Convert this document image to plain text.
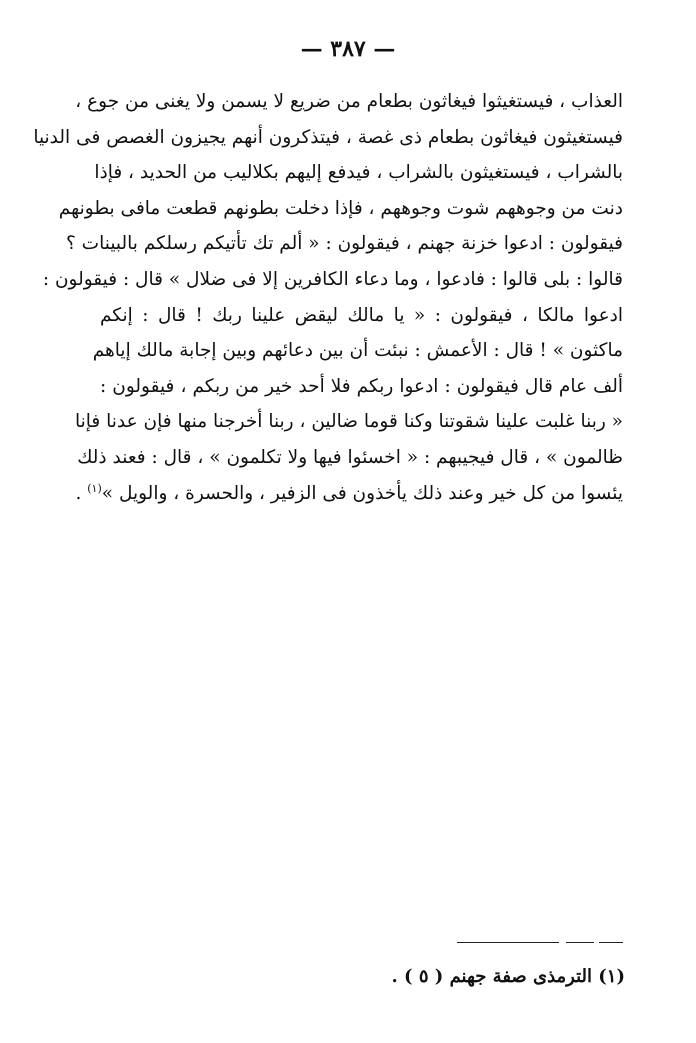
— ٣٨٧ —
العذاب ، فيستغيثوا فيغاثون بطعام من ضريع لا يسمن ولا يغنى من جوع ،
فيستغيثون فيغاثون بطعام ذى غصة ، فيتذكرون أنهم يجيزون الغصص فى الدنيا
بالشراب ، فيستغيثون بالشراب ، فيدفع إليهم بكلاليب من الحديد ، فإذا
دنت من وجوههم شوت وجوههم ، فإذا دخلت بطونهم قطعت مافى بطونهم
فيقولون : ادعوا خزنة جهنم ، فيقولون : « ألم تك تأتيكم رسلكم بالبينات ؟
قالوا : بلى قالوا : فادعوا ، وما دعاء الكافرين إلا فى ضلال » قال : فيقولون :
ادعوا مالكا ، فيقولون : « يا مالك ليقض علينا ربك ! قال : إنكم
ماكثون » ! قال : الأعمش : نبئت أن بين دعائهم وبين إجابة مالك إياهم
ألف عام قال فيقولون : ادعوا ربكم فلا أحد خير من ربكم ، فيقولون :
« ربنا غلبت علينا شقوتنا وكنا قوما ضالين ، ربنا أخرجنا منها فإن عدنا فإنا
ظالمون » ، قال فيجيبهم : « اخسئوا فيها ولا تكلمون » ، قال : فعند ذلك
يئسوا من كل خير وعند ذلك يأخذون فى الزفير ، والحسرة ، والويل »$^{(١)}$ .
(١) الترمذى صفة جهنم ( ٥ ) .
